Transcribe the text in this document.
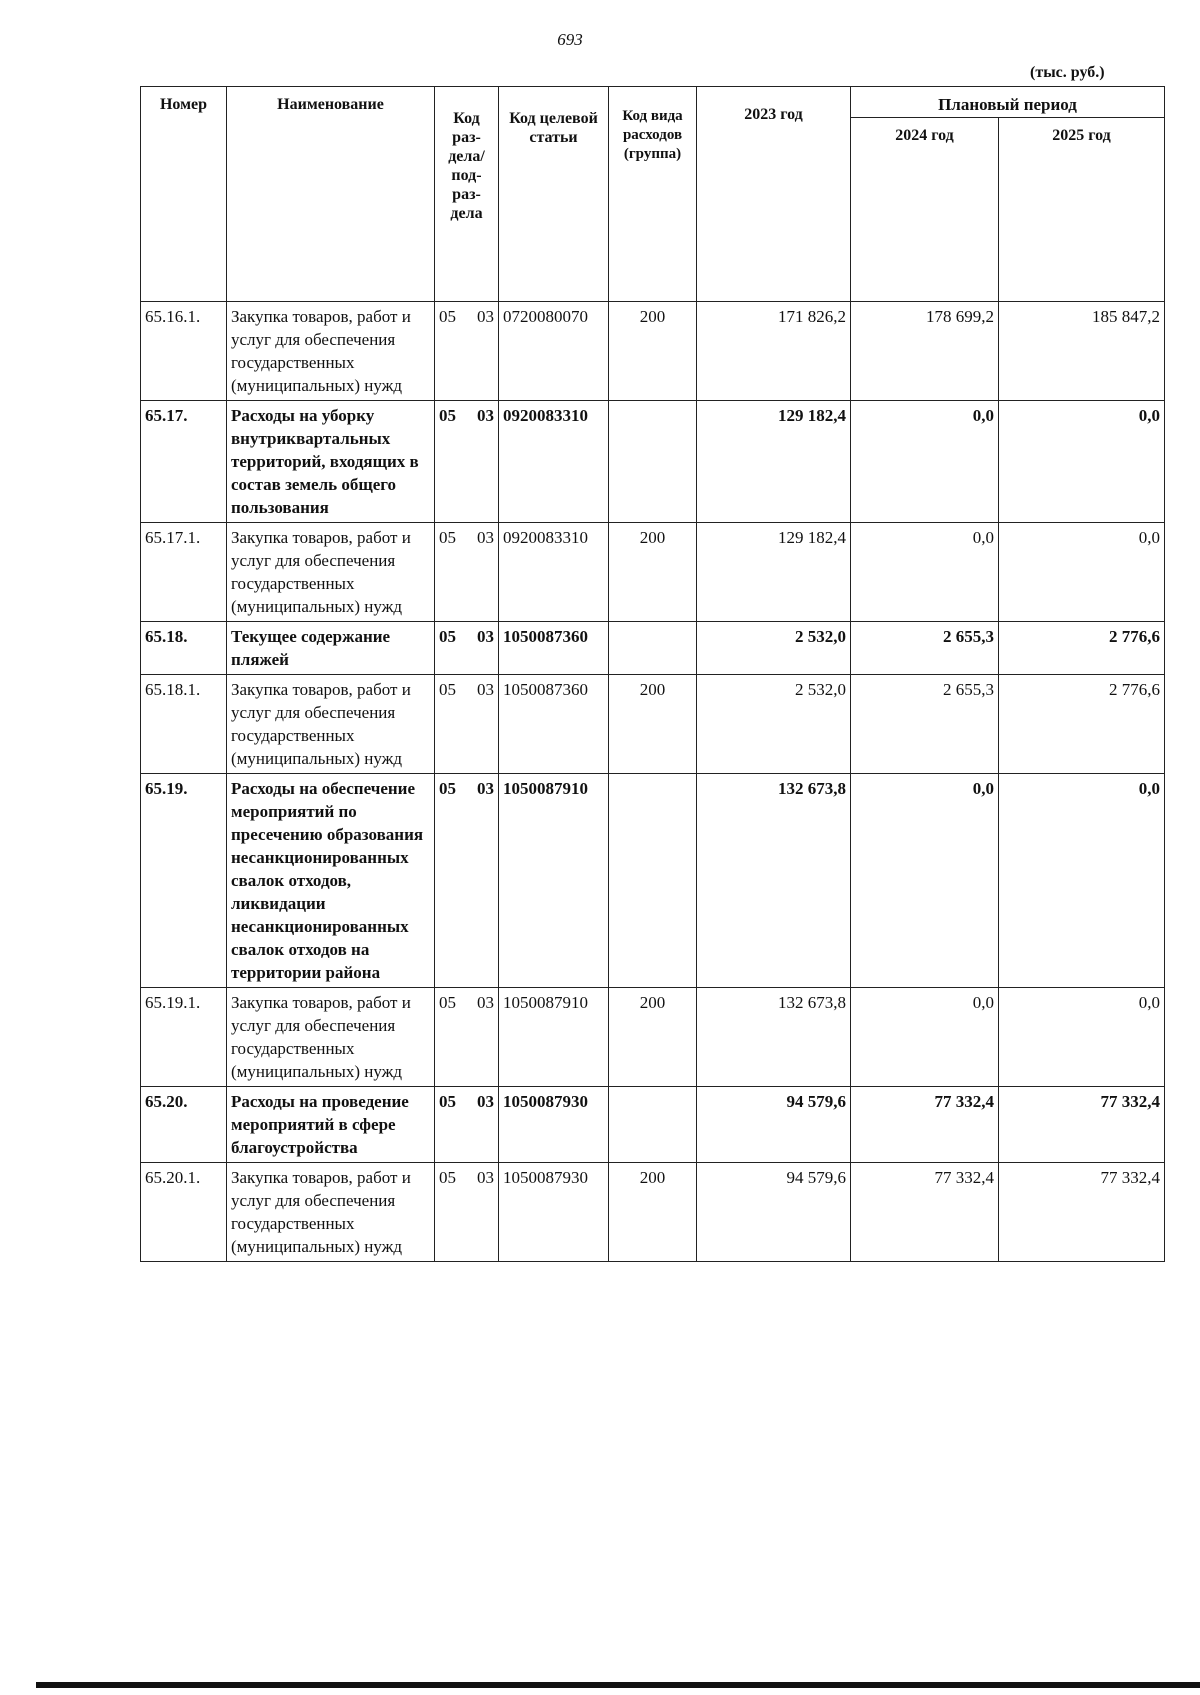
693
(тыс. руб.)
Номер	Наименование	Код раз- дела/ под- раз- дела	Код целевой статьи	Код вида расходов (группа)	2023 год	Плановый период	
						2024 год	2025 год
65.16.1.	Закупка товаров, работ и услуг для обеспечения государственных (муниципальных) нужд	05 03	0720080070	200	171 826,2	178 699,2	185 847,2
65.17.	Расходы на уборку внутриквартальных территорий, входящих в состав земель общего пользования	05 03	0920083310		129 182,4	0,0	0,0
65.17.1.	Закупка товаров, работ и услуг для обеспечения государственных (муниципальных) нужд	05 03	0920083310	200	129 182,4	0,0	0,0
65.18.	Текущее содержание пляжей	05 03	1050087360		2 532,0	2 655,3	2 776,6
65.18.1.	Закупка товаров, работ и услуг для обеспечения государственных (муниципальных) нужд	05 03	1050087360	200	2 532,0	2 655,3	2 776,6
65.19.	Расходы на обеспечение мероприятий по пресечению образования несанкционированных свалок отходов, ликвидации несанкционированных свалок отходов на территории района	05 03	1050087910		132 673,8	0,0	0,0
65.19.1.	Закупка товаров, работ и услуг для обеспечения государственных (муниципальных) нужд	05 03	1050087910	200	132 673,8	0,0	0,0
65.20.	Расходы на проведение мероприятий в сфере благоустройства	05 03	1050087930		94 579,6	77 332,4	77 332,4
65.20.1.	Закупка товаров, работ и услуг для обеспечения государственных (муниципальных) нужд	05 03	1050087930	200	94 579,6	77 332,4	77 332,4
